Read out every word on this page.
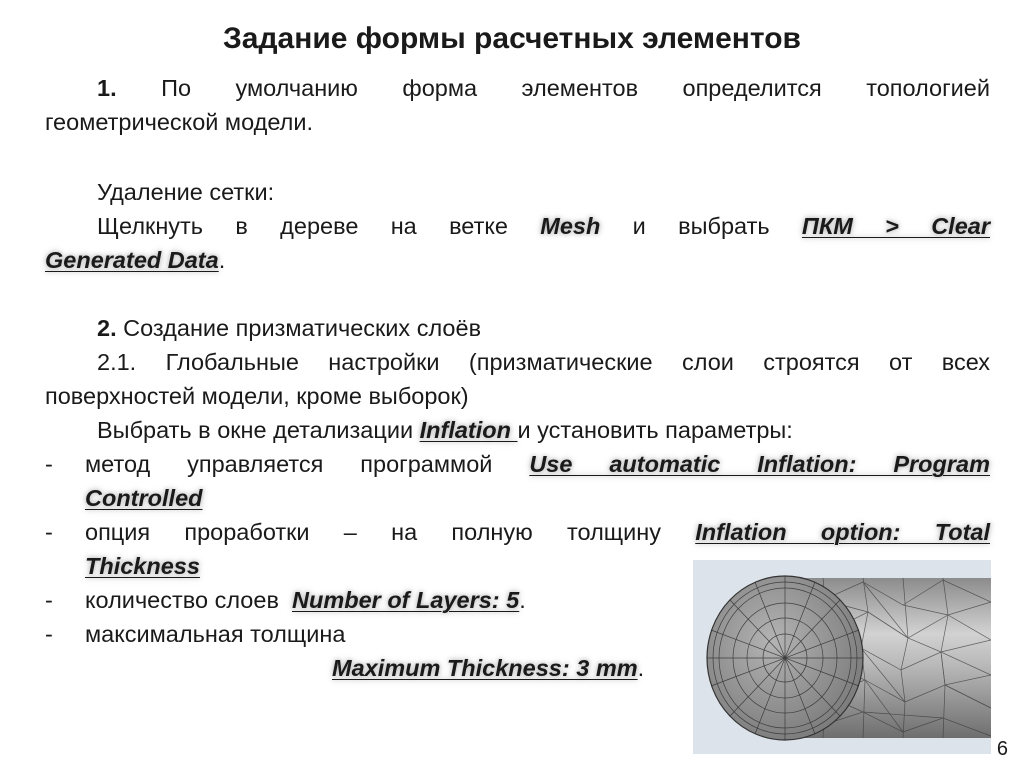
Задание формы расчетных элементов
1. По умолчанию форма элементов определится топологией
геометрической модели.
Удаление сетки:
Щелкнуть в дереве на ветке Mesh и выбрать ПКМ > Clear
Generated Data.
2. Создание призматических слоёв
2.1. Глобальные настройки (призматические слои строятся от всех
поверхностей модели, кроме выборок)
Выбрать в окне детализации Inflation и установить параметры:
- метод управляется программой Use automatic Inflation: Program
Controlled
- опция проработки – на полную толщину Inflation option: Total
Thickness
- количество слоев  Number of Layers: 5.
- максимальная толщина
Maximum Thickness: 3 mm.
6
